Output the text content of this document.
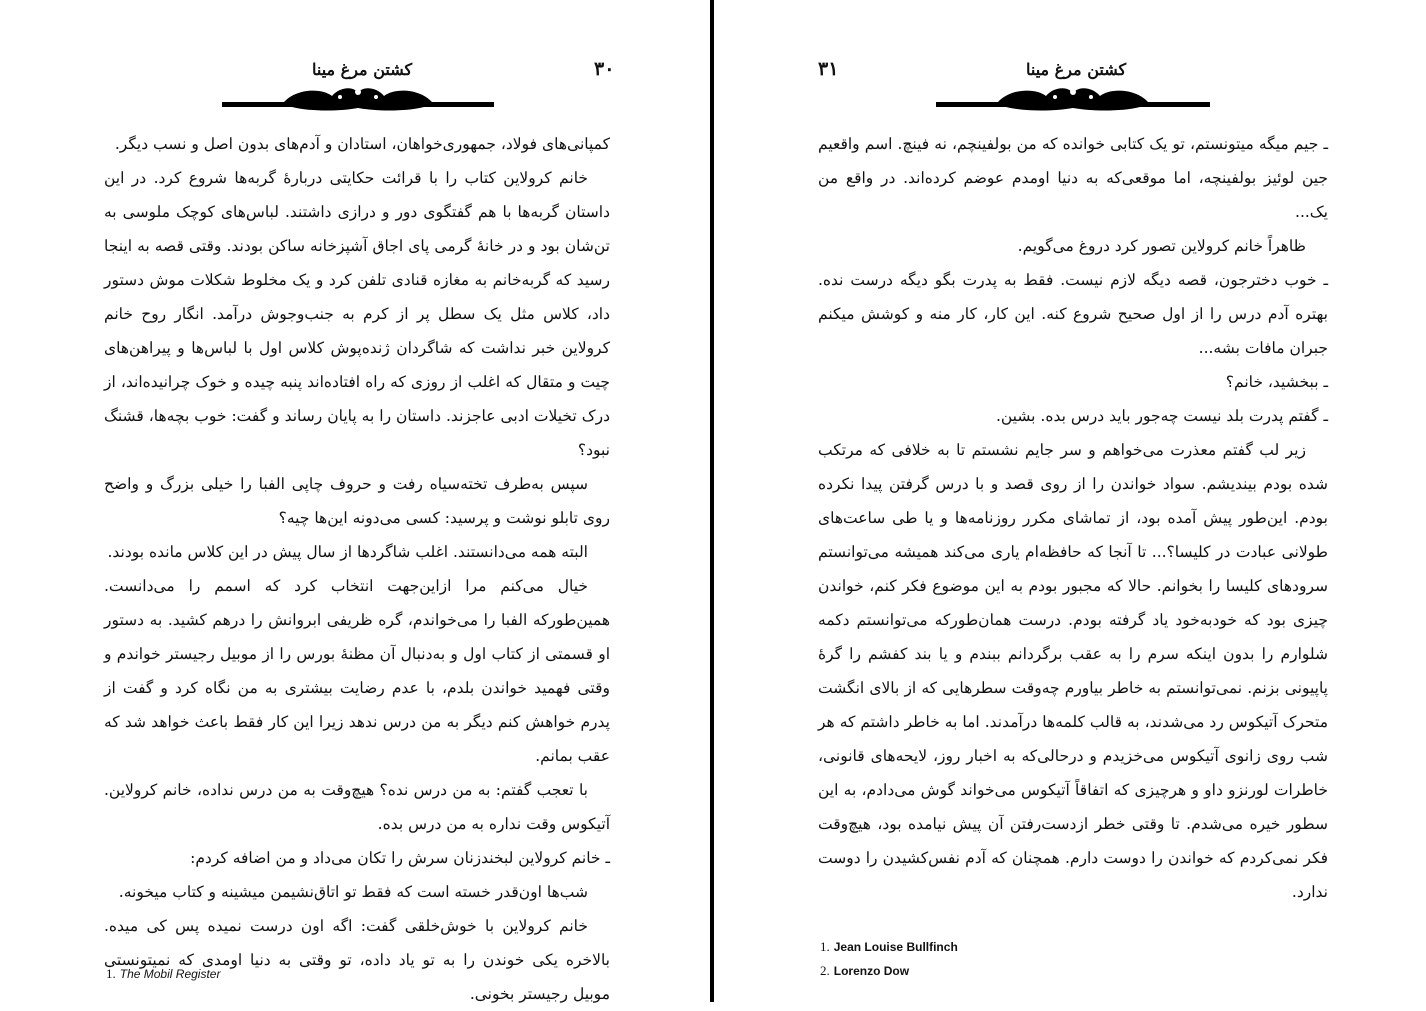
۳۰
کشتن مرغ مینا

کمپانی‌های فولاد، جمهوری‌خواهان، استادان و آدم‌های بدون اصل و نسب دیگر.

خانم کرولاین کتاب را با قرائت حکایتی دربارهٔ گربه‌ها شروع کرد. در این داستان گربه‌ها با هم گفتگوی دور و درازی داشتند. لباس‌های کوچک ملوسی به تن‌شان بود و در خانهٔ گرمی پای اجاق آشپزخانه ساکن بودند. وقتی قصه به اینجا رسید که گربه‌خانم به مغازه قنادی تلفن کرد و یک مخلوط شکلات موش دستور داد، کلاس مثل یک سطل پر از کرم به جنب‌وجوش درآمد. انگار روح خانم کرولاین خبر نداشت که شاگردان ژنده‌پوش کلاس اول با لباس‌ها و پیراهن‌های چیت و متقال که اغلب از روزی که راه افتاده‌اند پنبه چیده و خوک چرانیده‌اند، از درک تخیلات ادبی عاجزند. داستان را به پایان رساند و گفت: خوب بچه‌ها، قشنگ نبود؟

سپس به‌طرف تخته‌سیاه رفت و حروف چاپی الفبا را خیلی بزرگ و واضح روی تابلو نوشت و پرسید: کسی می‌دونه این‌ها چیه؟

البته همه می‌دانستند. اغلب شاگردها از سال پیش در این کلاس مانده بودند.

خیال می‌کنم مرا ازاین‌جهت انتخاب کرد که اسمم را می‌دانست. همین‌طورکه الفبا را می‌خواندم، گره ظریفی ابروانش را درهم کشید. به دستور او قسمتی از کتاب اول و به‌دنبال آن مظنهٔ بورس را از موبیل رجیستر خواندم و وقتی فهمید خواندن بلدم، با عدم رضایت بیشتری به من نگاه کرد و گفت از پدرم خواهش کنم دیگر به من درس ندهد زیرا این کار فقط باعث خواهد شد که عقب بمانم.

با تعجب گفتم: به من درس نده؟ هیچ‌وقت به من درس نداده، خانم کرولاین. آتیکوس وقت نداره به من درس بده.

ـ خانم کرولاین لبخندزنان سرش را تکان می‌داد و من اضافه کردم:

شب‌ها اون‌قدر خسته است که فقط تو اتاق‌نشیمن میشینه و کتاب میخونه.

خانم کرولاین با خوش‌خلقی گفت: اگه اون درست نمیده پس کی میده. بالاخره یکی خوندن را به تو یاد داده، تو وقتی به دنیا اومدی که نمیتونستی موبیل رجیستر بخونی.

1. The Mobil Register
۳۱	کشتن مرغ مینا

ـ جیم میگه میتونستم، تو یک کتابی خوانده که من بولفینچم، نه فینچ. اسم واقعیم جین لوئیز بولفینچه، اما موقعی‌که به دنیا اومدم عوضم کرده‌اند. در واقع من یک...

ظاهراً خانم کرولاین تصور کرد دروغ می‌گویم.

ـ خوب دخترجون، قصه دیگه لازم نیست. فقط به پدرت بگو دیگه درست نده. بهتره آدم درس را از اول صحیح شروع کنه. این کار، کار منه و کوشش میکنم جبران مافات بشه...

ـ ببخشید، خانم؟

ـ گفتم پدرت بلد نیست چه‌جور باید درس بده. بشین.

زیر لب گفتم معذرت می‌خواهم و سر جایم نشستم تا به خلافی که مرتکب شده بودم بیندیشم. سواد خواندن را از روی قصد و با درس گرفتن پیدا نکرده بودم. این‌طور پیش آمده بود، از تماشای مکرر روزنامه‌ها و یا طی ساعت‌های طولانی عبادت در کلیسا؟... تا آنجا که حافظه‌ام یاری می‌کند همیشه می‌توانستم سرودهای کلیسا را بخوانم. حالا که مجبور بودم به این موضوع فکر کنم، خواندن چیزی بود که خودبه‌خود یاد گرفته بودم. درست همان‌طورکه می‌توانستم دکمه شلوارم را بدون اینکه سرم را به عقب برگردانم ببندم و یا بند کفشم را گرهٔ پاپیونی بزنم. نمی‌توانستم به خاطر بیاورم چه‌وقت سطرهایی که از بالای انگشت متحرک آتیکوس رد می‌شدند، به قالب کلمه‌ها درآمدند. اما به خاطر داشتم که هر شب روی زانوی آتیکوس می‌خزیدم و درحالی‌که به اخبار روز، لایحه‌های قانونی، خاطرات لورنزو داو و هرچیزی که اتفاقاً آتیکوس می‌خواند گوش می‌دادم، به این سطور خیره می‌شدم. تا وقتی خطر ازدست‌رفتن آن پیش نیامده بود، هیچ‌وقت فکر نمی‌کردم که خواندن را دوست دارم. همچنان که آدم نفس‌کشیدن را دوست ندارد.

1. Jean Louise Bullfinch
2. Lorenzo Dow
